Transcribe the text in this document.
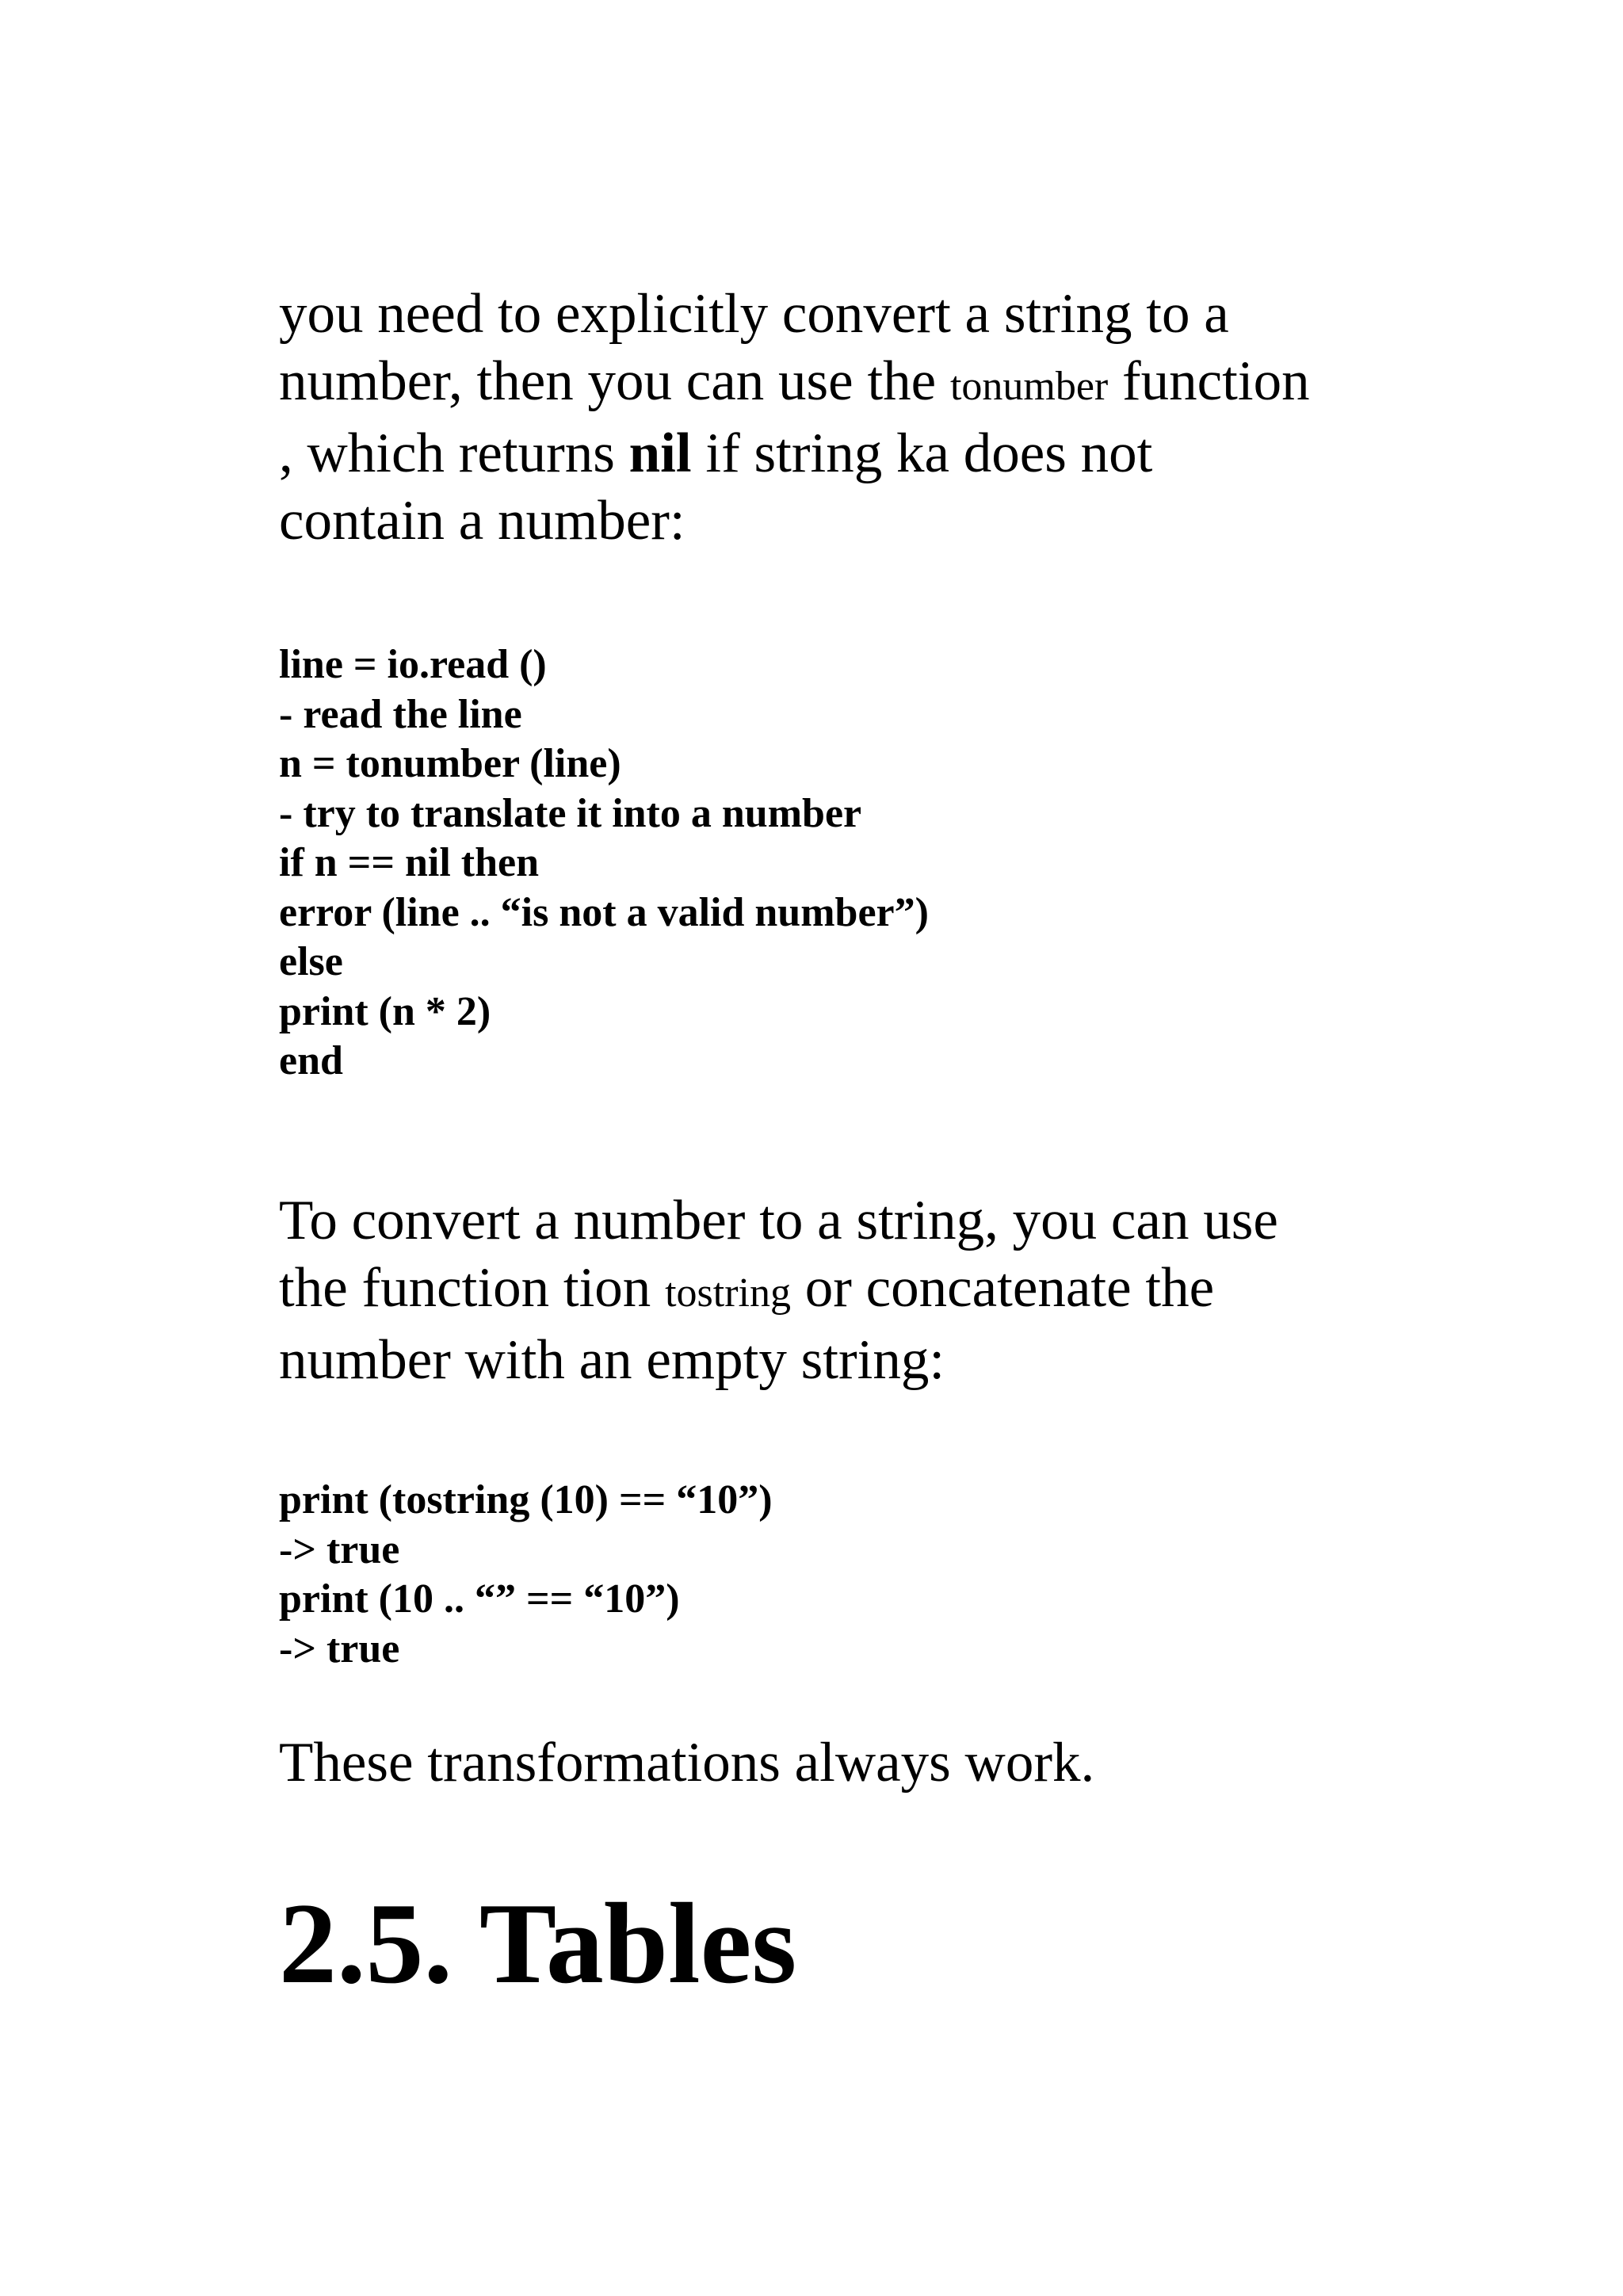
you need to explicitly convert a string to a
number, then you can use the tonumber function
, which returns nil if string ka does not
contain a number:
line = io.read ()
- read the line
n = tonumber (line)
- try to translate it into a number
if n == nil then
error (line .. “is not a valid number”)
else
print (n * 2)
end
To convert a number to a string, you can use
the function tion tostring or concatenate the
number with an empty string:
print (tostring (10) == “10”)
-> true
print (10 .. “” == “10”)
-> true
These transformations always work.
2.5. Tables
